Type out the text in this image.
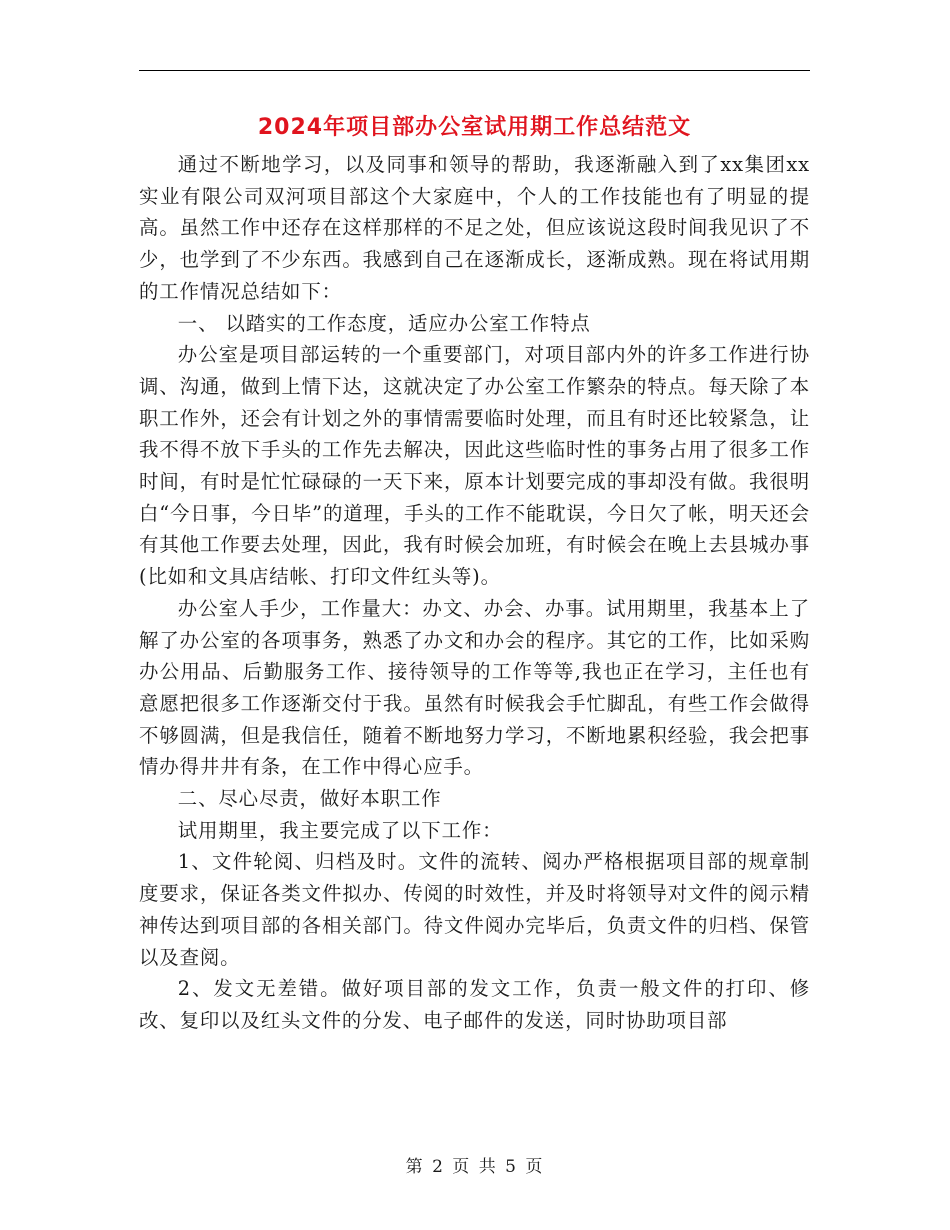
2024年项目部办公室试用期工作总结范文

通过不断地学习，以及同事和领导的帮助，我逐渐融入到了xx集团xx实业有限公司双河项目部这个大家庭中，个人的工作技能也有了明显的提高。虽然工作中还存在这样那样的不足之处，但应该说这段时间我见识了不少，也学到了不少东西。我感到自己在逐渐成长，逐渐成熟。现在将试用期的工作情况总结如下：

一、 以踏实的工作态度，适应办公室工作特点

办公室是项目部运转的一个重要部门，对项目部内外的许多工作进行协调、沟通，做到上情下达，这就决定了办公室工作繁杂的特点。每天除了本职工作外，还会有计划之外的事情需要临时处理，而且有时还比较紧急，让我不得不放下手头的工作先去解决，因此这些临时性的事务占用了很多工作时间，有时是忙忙碌碌的一天下来，原本计划要完成的事却没有做。我很明白“今日事，今日毕”的道理，手头的工作不能耽误，今日欠了帐，明天还会有其他工作要去处理，因此，我有时候会加班，有时候会在晚上去县城办事(比如和文具店结帐、打印文件红头等)。

办公室人手少，工作量大：办文、办会、办事。试用期里，我基本上了解了办公室的各项事务，熟悉了办文和办会的程序。其它的工作，比如采购办公用品、后勤服务工作、接待领导的工作等等,我也正在学习，主任也有意愿把很多工作逐渐交付于我。虽然有时候我会手忙脚乱，有些工作会做得不够圆满，但是我信任，随着不断地努力学习，不断地累积经验，我会把事情办得井井有条，在工作中得心应手。

二、尽心尽责，做好本职工作

试用期里，我主要完成了以下工作：

1、文件轮阅、归档及时。文件的流转、阅办严格根据项目部的规章制度要求，保证各类文件拟办、传阅的时效性，并及时将领导对文件的阅示精神传达到项目部的各相关部门。待文件阅办完毕后，负责文件的归档、保管以及查阅。

2、发文无差错。做好项目部的发文工作，负责一般文件的打印、修改、复印以及红头文件的分发、电子邮件的发送，同时协助项目部

第 2 页 共 5 页
